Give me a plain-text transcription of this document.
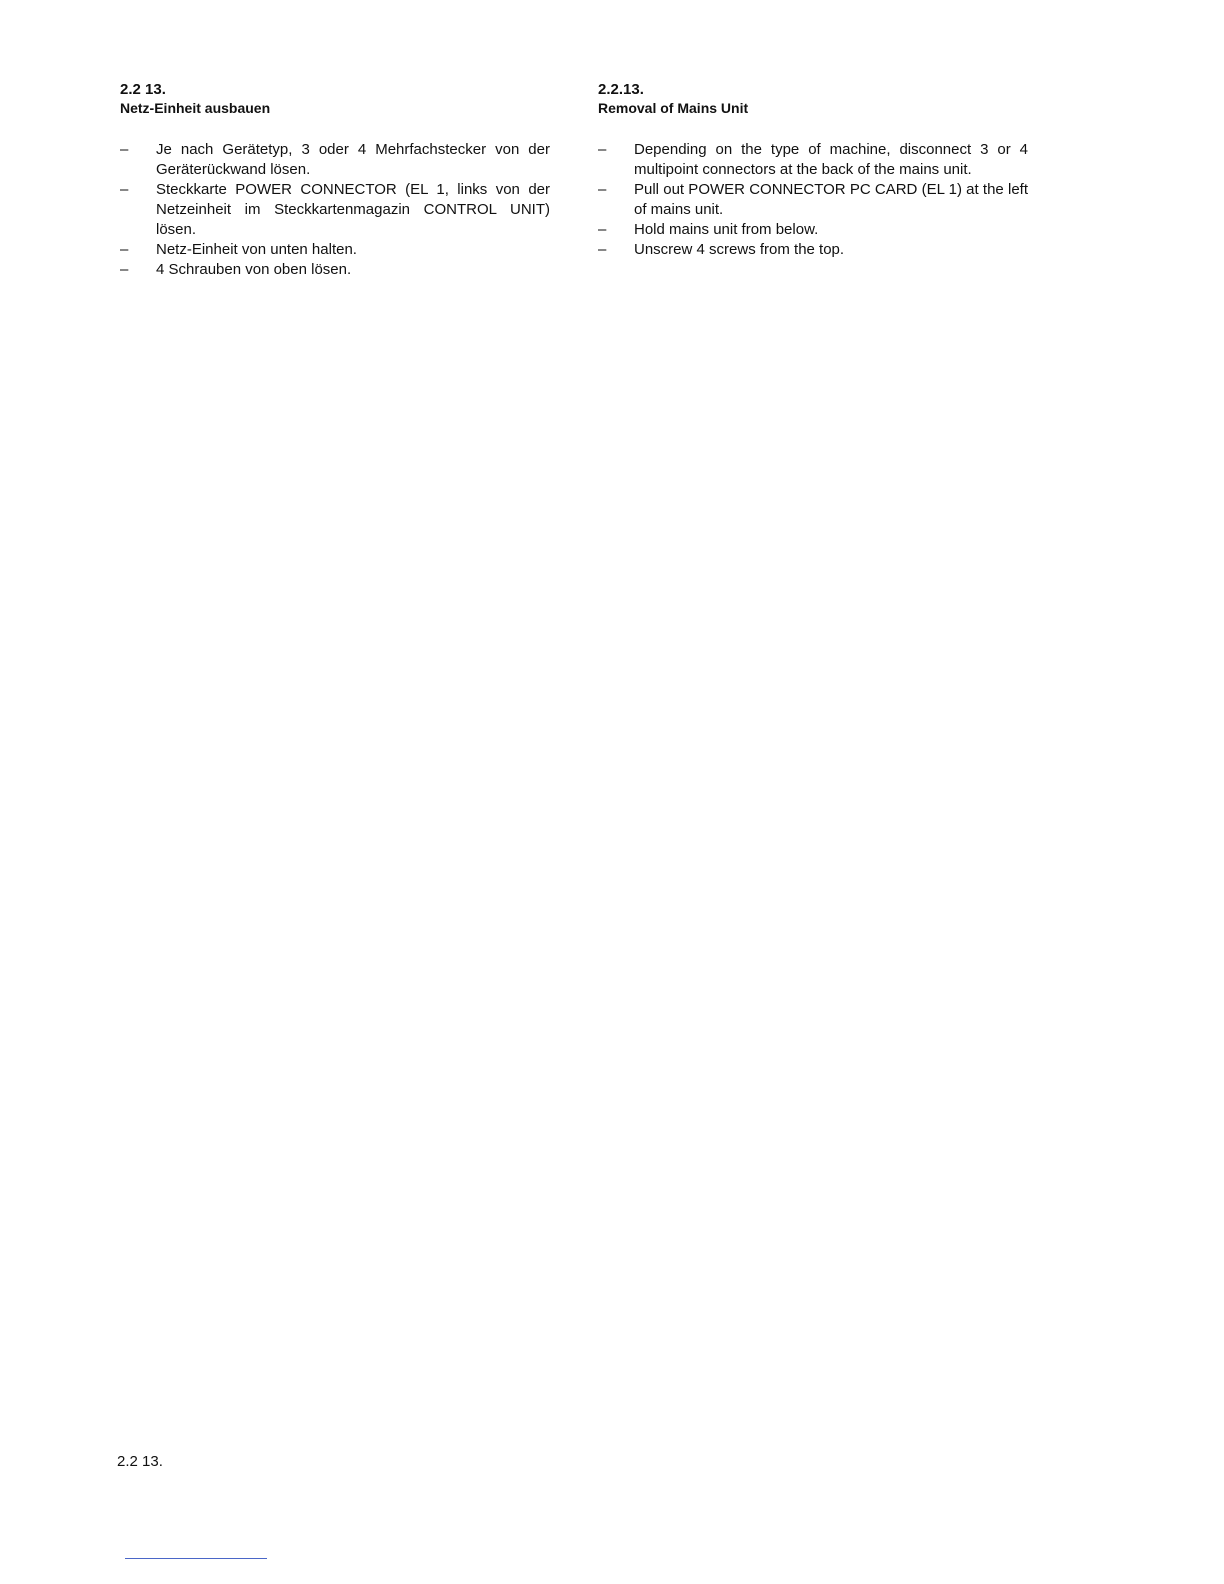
2.2 13.
Netz-Einheit ausbauen
– Je nach Gerätetyp, 3 oder 4 Mehrfachstecker von der Geräterückwand lösen.
– Steckkarte POWER CONNECTOR (EL 1, links von der Netzeinheit im Steckkartenmagazin CONTROL UNIT) lösen.
– Netz-Einheit von unten halten.
– 4 Schrauben von oben lösen.
2.2.13.
Removal of Mains Unit
– Depending on the type of machine, disconnect 3 or 4 multipoint connectors at the back of the mains unit.
– Pull out POWER CONNECTOR PC CARD (EL 1) at the left of mains unit.
– Hold mains unit from below.
– Unscrew 4 screws from the top.
2.2 13.
